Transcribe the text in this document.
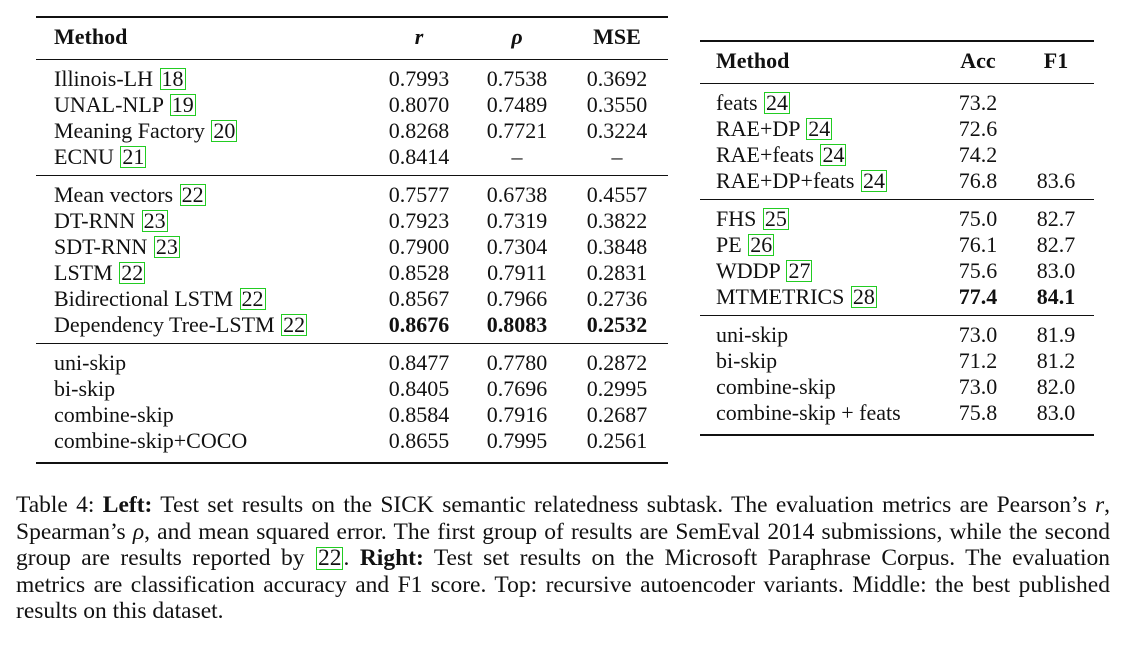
	Method	r	ρ	MSE
	Illinois-LH 18	0.7993	0.7538	0.3692
	UNAL-NLP 19	0.8070	0.7489	0.3550
	Meaning Factory 20	0.8268	0.7721	0.3224
	ECNU 21	0.8414	–	–
	Mean vectors 22	0.7577	0.6738	0.4557
	DT-RNN 23	0.7923	0.7319	0.3822
	SDT-RNN 23	0.7900	0.7304	0.3848
	LSTM 22	0.8528	0.7911	0.2831
	Bidirectional LSTM 22	0.8567	0.7966	0.2736
	Dependency Tree-LSTM 22	0.8676	0.8083	0.2532
	uni-skip	0.8477	0.7780	0.2872
	bi-skip	0.8405	0.7696	0.2995
	combine-skip	0.8584	0.7916	0.2687
	combine-skip+COCO	0.8655	0.7995	0.2561
	Method	Acc	F1
	feats 24	73.2	
	RAE+DP 24	72.6	
	RAE+feats 24	74.2	
	RAE+DP+feats 24	76.8	83.6
	FHS 25	75.0	82.7
	PE 26	76.1	82.7
	WDDP 27	75.6	83.0
	MTMETRICS 28	77.4	84.1
	uni-skip	73.0	81.9
	bi-skip	71.2	81.2
	combine-skip	73.0	82.0
	combine-skip + feats	75.8	83.0
Table 4: Left: Test set results on the SICK semantic relatedness subtask. The evaluation metrics are Pearson’s r, Spearman’s ρ, and mean squared error. The first group of results are SemEval 2014 submissions, while the second group are results reported by 22. Right: Test set results on the Microsoft Paraphrase Corpus. The evaluation metrics are classification accuracy and F1 score. Top: recursive autoencoder variants. Middle: the best published results on this dataset.
